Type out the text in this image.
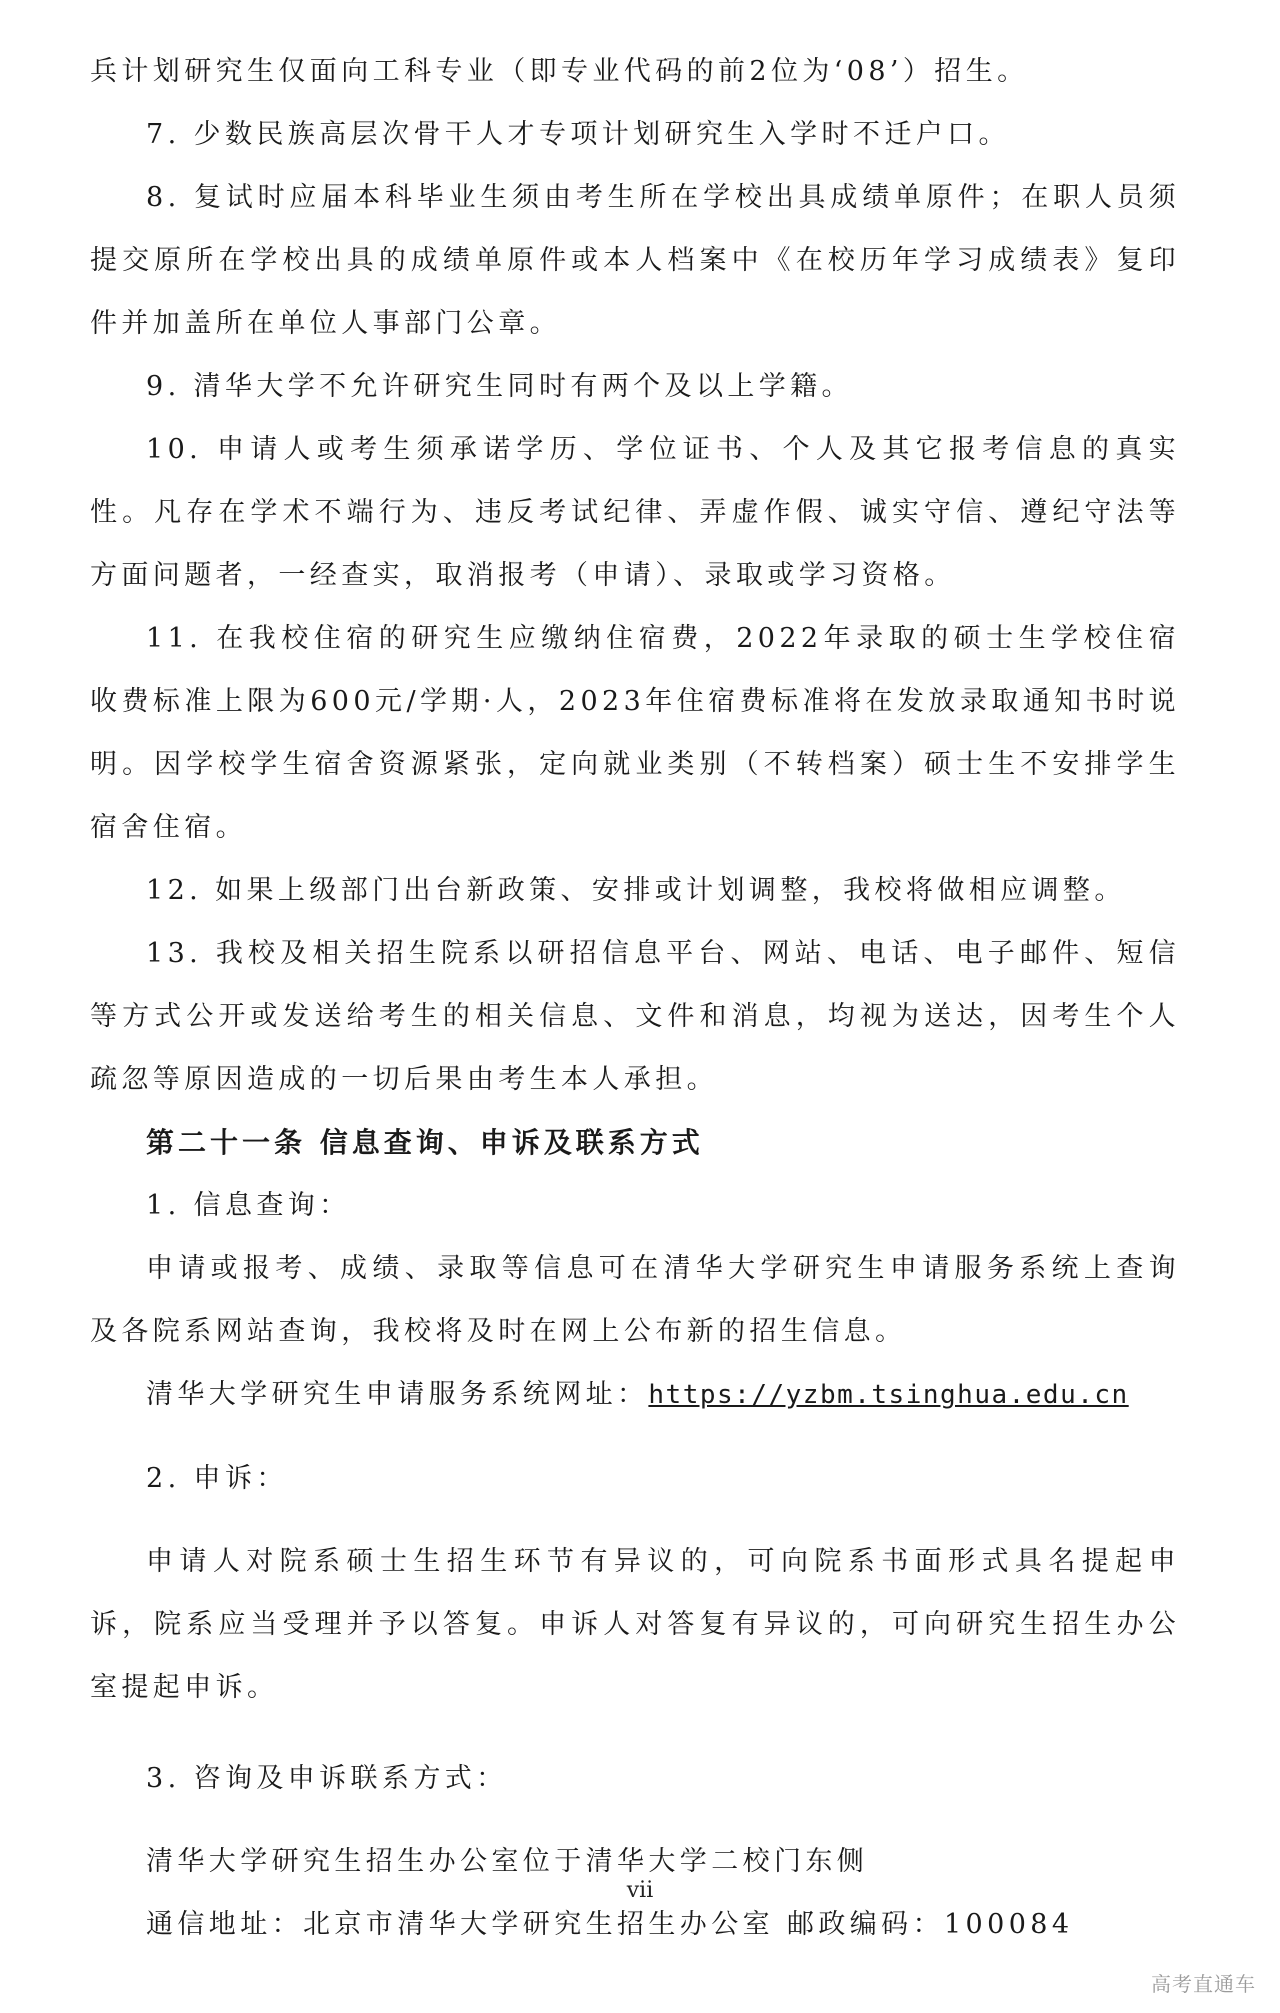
兵计划研究生仅面向工科专业（即专业代码的前2位为‘08’）招生。

7. 少数民族高层次骨干人才专项计划研究生入学时不迁户口。

8. 复试时应届本科毕业生须由考生所在学校出具成绩单原件；在职人员须提交原所在学校出具的成绩单原件或本人档案中《在校历年学习成绩表》复印件并加盖所在单位人事部门公章。

9. 清华大学不允许研究生同时有两个及以上学籍。

10. 申请人或考生须承诺学历、学位证书、个人及其它报考信息的真实性。凡存在学术不端行为、违反考试纪律、弄虚作假、诚实守信、遵纪守法等方面问题者，一经查实，取消报考（申请）、录取或学习资格。

11. 在我校住宿的研究生应缴纳住宿费，2022年录取的硕士生学校住宿收费标准上限为600元/学期·人，2023年住宿费标准将在发放录取通知书时说明。因学校学生宿舍资源紧张，定向就业类别（不转档案）硕士生不安排学生宿舍住宿。

12. 如果上级部门出台新政策、安排或计划调整，我校将做相应调整。

13. 我校及相关招生院系以研招信息平台、网站、电话、电子邮件、短信等方式公开或发送给考生的相关信息、文件和消息，均视为送达，因考生个人疏忽等原因造成的一切后果由考生本人承担。

第二十一条 信息查询、申诉及联系方式

1. 信息查询：

申请或报考、成绩、录取等信息可在清华大学研究生申请服务系统上查询及各院系网站查询，我校将及时在网上公布新的招生信息。

清华大学研究生申请服务系统网址：https://yzbm.tsinghua.edu.cn

2. 申诉：

申请人对院系硕士生招生环节有异议的，可向院系书面形式具名提起申诉，院系应当受理并予以答复。申诉人对答复有异议的，可向研究生招生办公室提起申诉。

3. 咨询及申诉联系方式：

清华大学研究生招生办公室位于清华大学二校门东侧

通信地址：北京市清华大学研究生招生办公室 邮政编码：100084

vii
高考直通车
